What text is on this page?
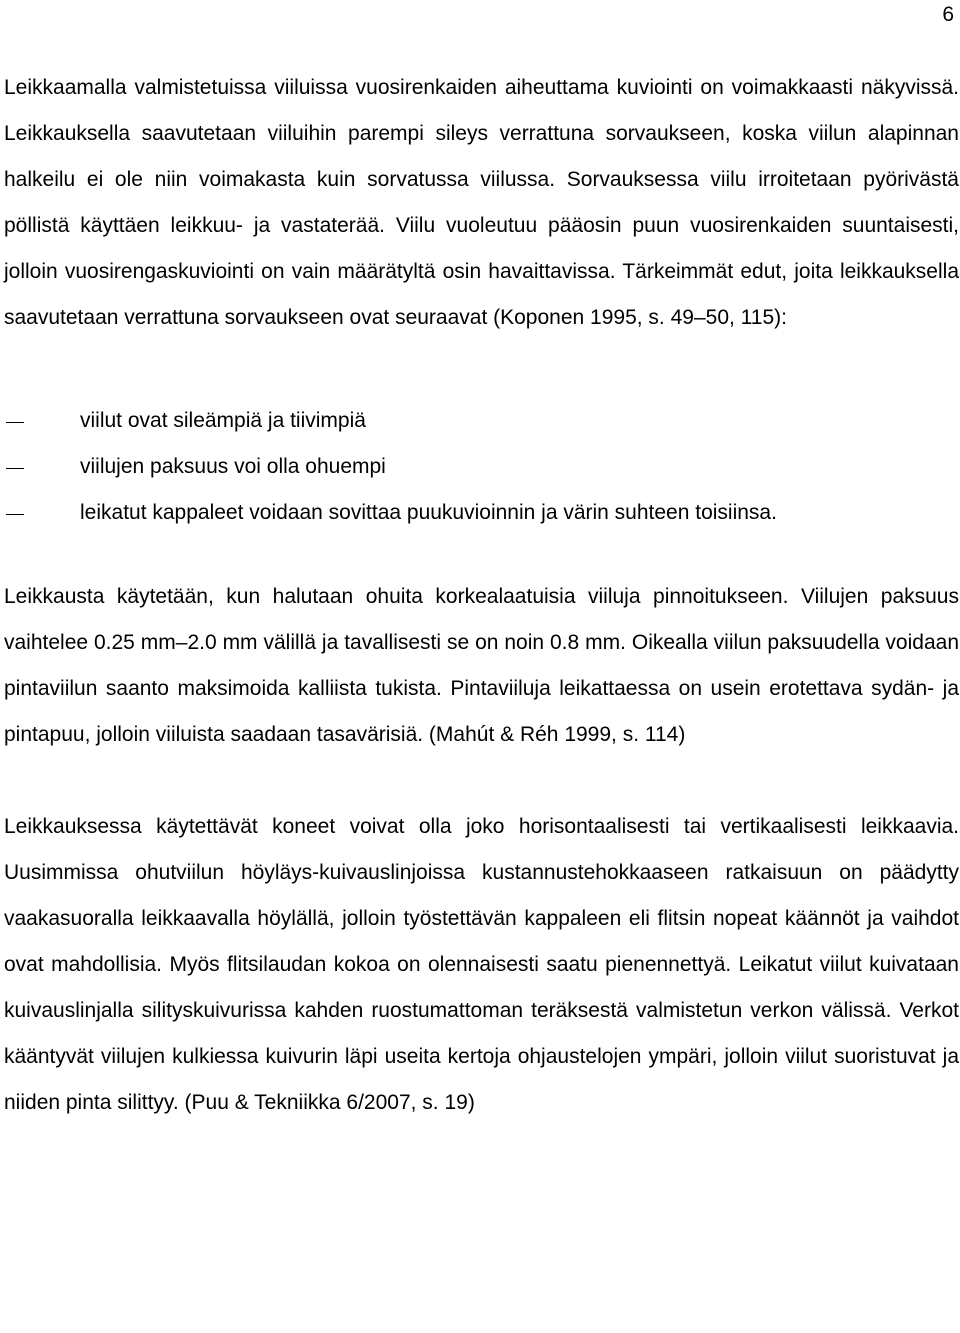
6

Leikkaamalla valmistetuissa viiluissa vuosirenkaiden aiheuttama kuviointi on voimakkaasti näkyvissä. Leikkauksella saavutetaan viiluihin parempi sileys verrattuna sorvaukseen, koska viilun alapinnan halkeilu ei ole niin voimakasta kuin sorvatussa viilussa. Sorvauksessa viilu irroitetaan pyörivästä pöllistä käyttäen leikkuu- ja vastaterää. Viilu vuoleutuu pääosin puun vuosirenkaiden suuntaisesti, jolloin vuosirengaskuviointi on vain määrätyltä osin havaittavissa. Tärkeimmät edut, joita leikkauksella saavutetaan verrattuna sorvaukseen ovat seuraavat (Koponen 1995, s. 49–50, 115):

viilut ovat sileämpiä ja tiivimpiä
viilujen paksuus voi olla ohuempi
leikatut kappaleet voidaan sovittaa puukuvioinnin ja värin suhteen toisiinsa.

Leikkausta käytetään, kun halutaan ohuita korkealaatuisia viiluja pinnoitukseen. Viilujen paksuus vaihtelee 0.25 mm–2.0 mm välillä ja tavallisesti se on noin 0.8 mm. Oikealla viilun paksuudella voidaan pintaviilun saanto maksimoida kalliista tukista. Pintaviiluja leikattaessa on usein erotettava sydän- ja pintapuu, jolloin viiluista saadaan tasavärisiä. (Mahút & Réh 1999, s. 114)

Leikkauksessa käytettävät koneet voivat olla joko horisontaalisesti tai vertikaalisesti leikkaavia. Uusimmissa ohutviilun höyläys-kuivauslinjoissa kustannustehokkaaseen ratkaisuun on päädytty vaakasuoralla leikkaavalla höylällä, jolloin työstettävän kappaleen eli flitsin nopeat käännöt ja vaihdot ovat mahdollisia. Myös flitsilaudan kokoa on olennaisesti saatu pienennettyä. Leikatut viilut kuivataan kuivauslinjalla silityskuivurissa kahden ruostumattoman teräksestä valmistetun verkon välissä. Verkot kääntyvät viilujen kulkiessa kuivurin läpi useita kertoja ohjaustelojen ympäri, jolloin viilut suoristuvat ja niiden pinta silittyy. (Puu & Tekniikka 6/2007, s. 19)
